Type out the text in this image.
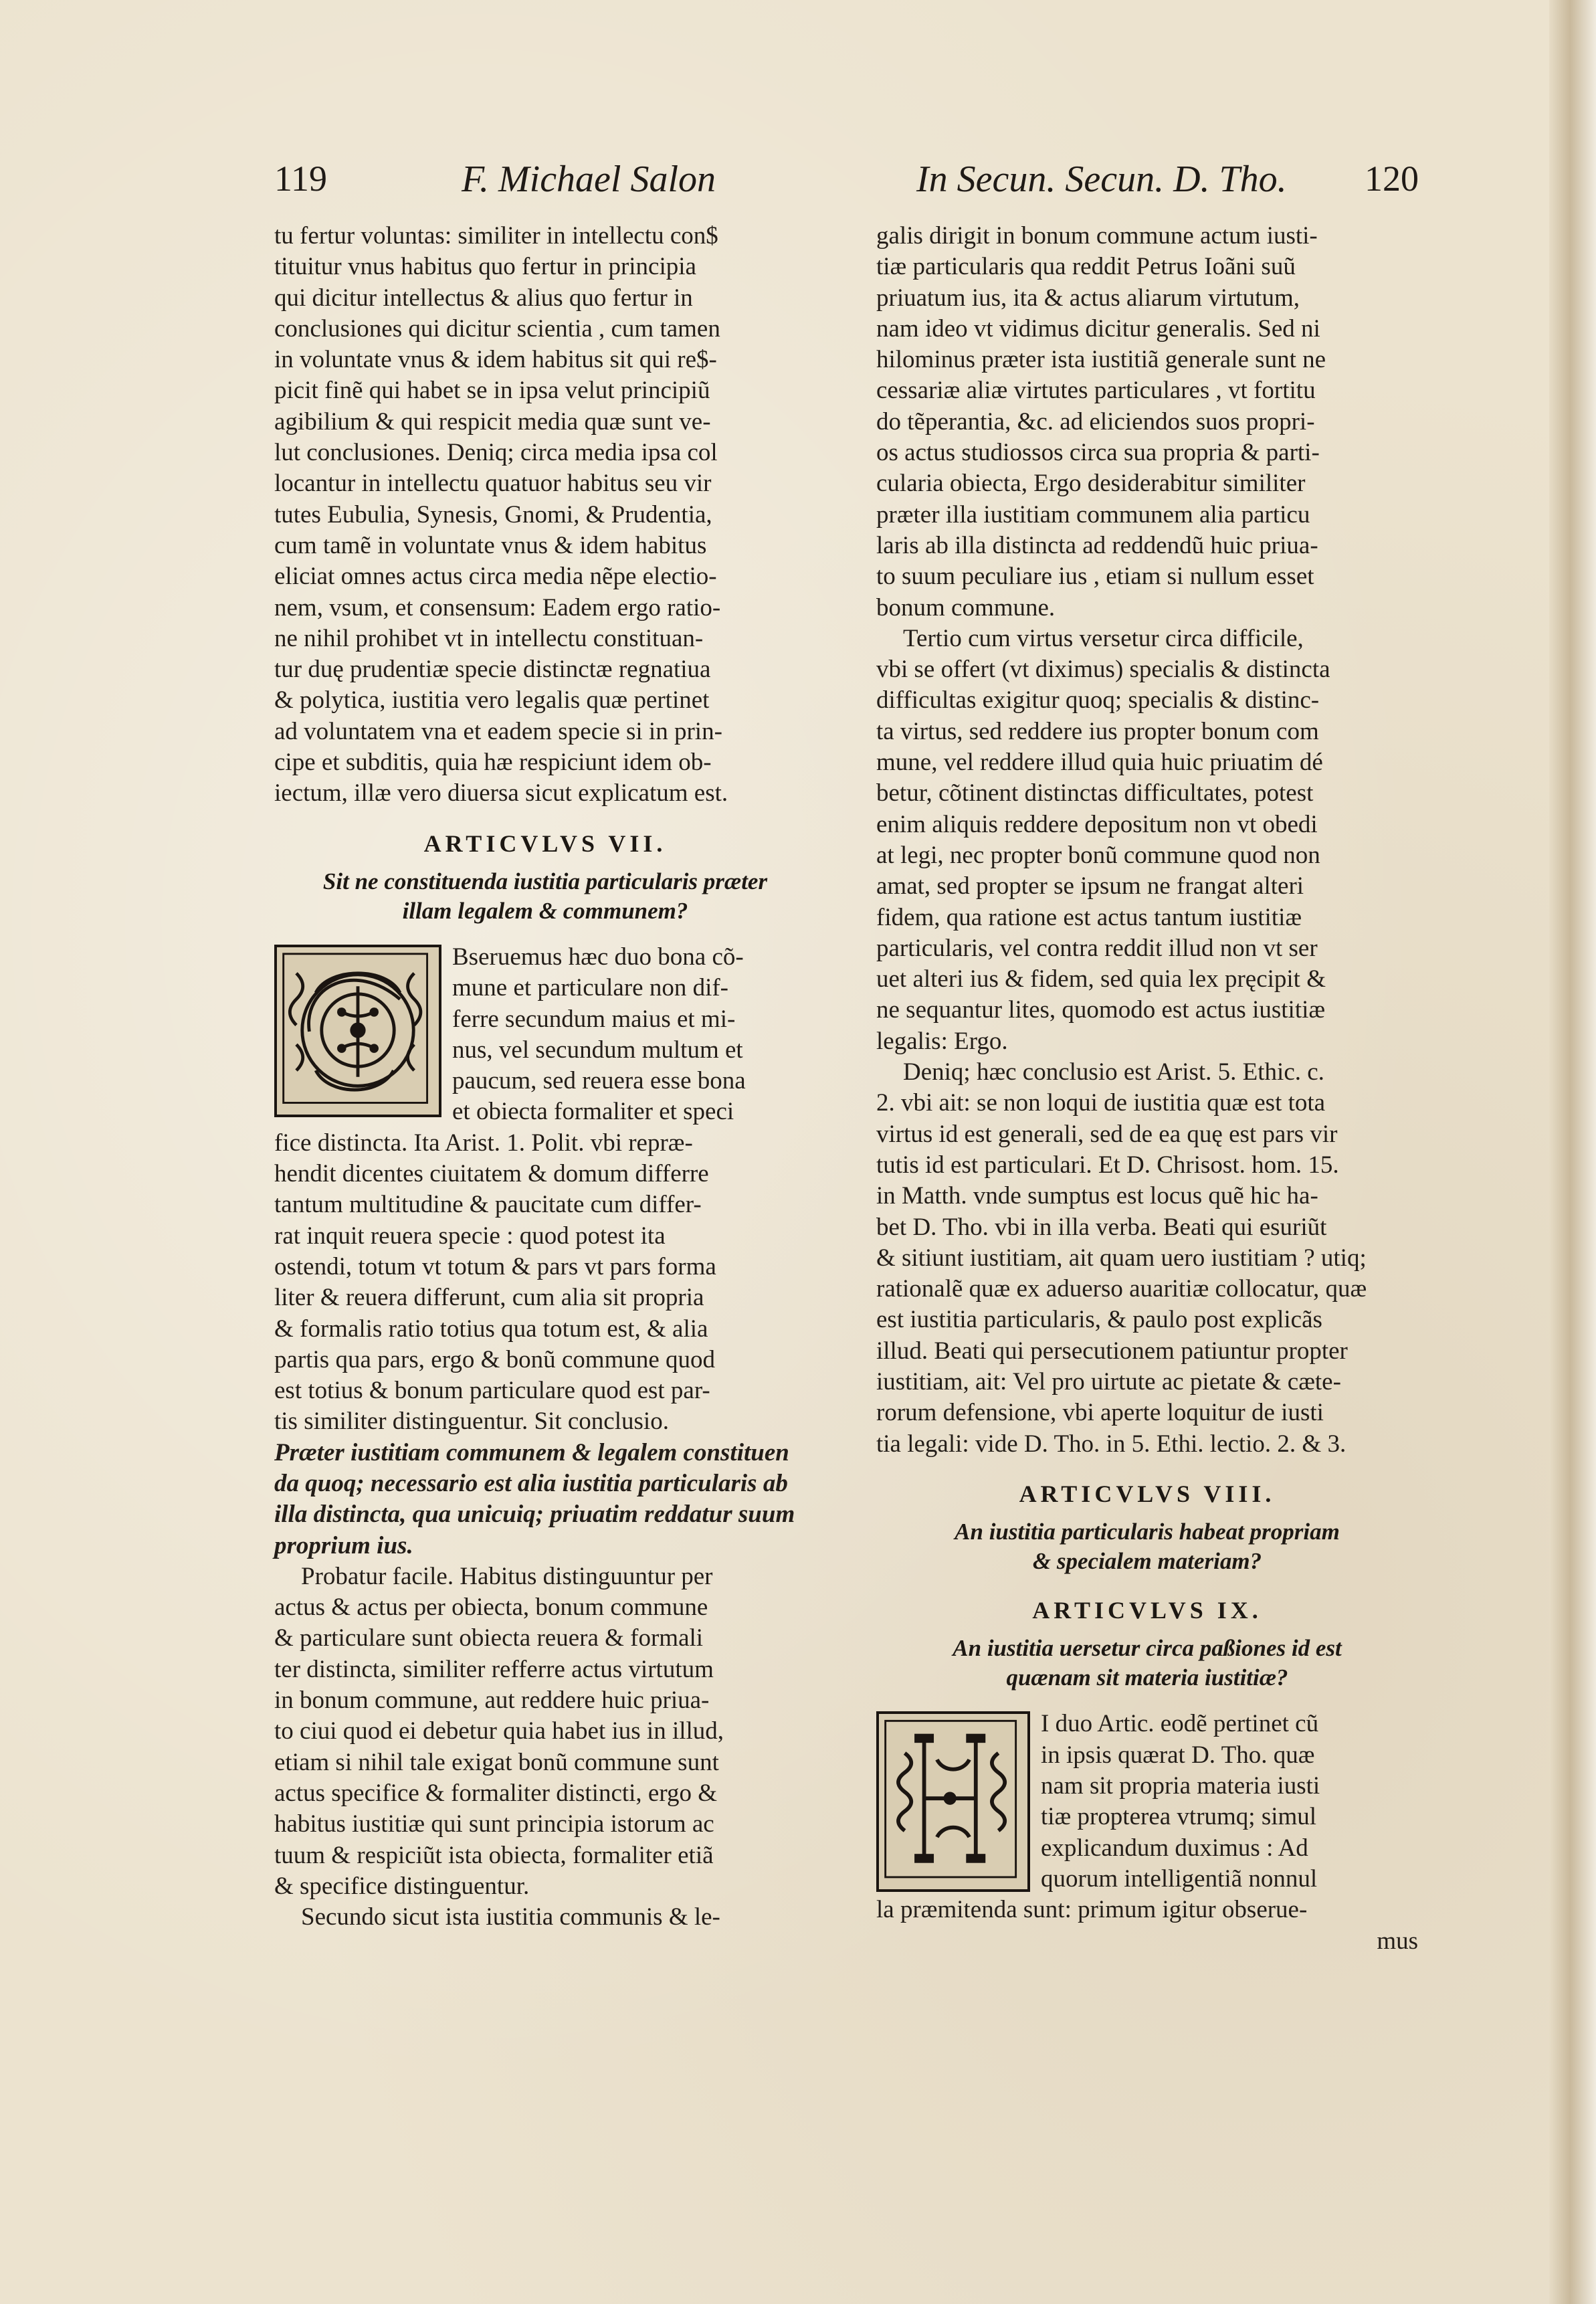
119	F. Michael Salon	In Secun. Secun. D. Tho. 120
tu fertur voluntas: similiter in intellectu con$
tituitur vnus habitus quo fertur in principia
qui dicitur intellectus & alius quo fertur in
conclusiones qui dicitur scientia , cum tamen
in voluntate vnus & idem habitus sit qui re$-
picit finẽ qui habet se in ipsa velut principiũ
agibilium & qui respicit media quæ sunt ve-
lut conclusiones. Deniq; circa media ipsa col
locantur in intellectu quatuor habitus seu vir
tutes Eubulia, Synesis, Gnomi, & Prudentia,
cum tamẽ in voluntate vnus & idem habitus
eliciat omnes actus circa media nẽpe electio-
nem, vsum, et consensum: Eadem ergo ratio-
ne nihil prohibet vt in intellectu constituan-
tur duę prudentiæ specie distinctæ regnatiua
& polytica, iustitia vero legalis quæ pertinet
ad voluntatem vna et eadem specie si in prin-
cipe et subditis, quia hæ respiciunt idem ob-
iectum, illæ vero diuersa sicut explicatum est.
ARTICVLVS VII.
Sit ne constituenda iustitia particularis præter
illam legalem & communem?
Bseruemus hæc duo bona cõ-
mune et particulare non dif-
ferre secundum maius et mi-
nus, vel secundum multum et
paucum, sed reuera esse bona
et obiecta formaliter et speci
fice distincta. Ita Arist. 1. Polit. vbi repræ-
hendit dicentes ciuitatem & domum differre
tantum multitudine & paucitate cum differ-
rat inquit reuera specie : quod potest ita
ostendi, totum vt totum & pars vt pars forma
liter & reuera differunt, cum alia sit propria
& formalis ratio totius qua totum est, & alia
partis qua pars, ergo & bonũ commune quod
est totius & bonum particulare quod est par-
tis similiter distinguentur. Sit conclusio.
Præter iustitiam communem & legalem constituen
da quoq; necessario est alia iustitia particularis ab
illa distincta, qua unicuiq; priuatim reddatur suum
proprium ius.
Probatur facile. Habitus distinguuntur per
actus & actus per obiecta, bonum commune
& particulare sunt obiecta reuera & formali
ter distincta, similiter refferre actus virtutum
in bonum commune, aut reddere huic priua-
to ciui quod ei debetur quia habet ius in illud,
etiam si nihil tale exigat bonũ commune sunt
actus specifice & formaliter distincti, ergo &
habitus iustitiæ qui sunt principia istorum ac
tuum & respiciũt ista obiecta, formaliter etiã
& specifice distinguentur.
Secundo sicut ista iustitia communis & le-
galis dirigit in bonum commune actum iusti-
tiæ particularis qua reddit Petrus Ioãni suũ
priuatum ius, ita & actus aliarum virtutum,
nam ideo vt vidimus dicitur generalis. Sed ni
hilominus præter ista iustitiã generale sunt ne
cessariæ aliæ virtutes particulares , vt fortitu
do tẽperantia, &c. ad eliciendos suos propri-
os actus studiossos circa sua propria & parti-
cularia obiecta, Ergo desiderabitur similiter
præter illa iustitiam communem alia particu
laris ab illa distincta ad reddendũ huic priua-
to suum peculiare ius , etiam si nullum esset
bonum commune.
Tertio cum virtus versetur circa difficile,
vbi se offert (vt diximus) specialis & distincta
difficultas exigitur quoq; specialis & distinc-
ta virtus, sed reddere ius propter bonum com
mune, vel reddere illud quia huic priuatim dé
betur, cõtinent distinctas difficultates, potest
enim aliquis reddere depositum non vt obedi
at legi, nec propter bonũ commune quod non
amat, sed propter se ipsum ne frangat alteri
fidem, qua ratione est actus tantum iustitiæ
particularis, vel contra reddit illud non vt ser
uet alteri ius & fidem, sed quia lex pręcipit &
ne sequantur lites, quomodo est actus iustitiæ
legalis: Ergo.
Deniq; hæc conclusio est Arist. 5. Ethic. c.
2. vbi ait: se non loqui de iustitia quæ est tota
virtus id est generali, sed de ea quę est pars vir
tutis id est particulari. Et D. Chrisost. hom. 15.
in Matth. vnde sumptus est locus quẽ hic ha-
bet D. Tho. vbi in illa verba. Beati qui esuriũt
& sitiunt iustitiam, ait quam uero iustitiam ? utiq;
rationalẽ quæ ex aduerso auaritiæ collocatur, quæ
est iustitia particularis, & paulo post explicãs
illud. Beati qui persecutionem patiuntur propter
iustitiam, ait: Vel pro uirtute ac pietate & cæte-
rorum defensione, vbi aperte loquitur de iusti
tia legali: vide D. Tho. in 5. Ethi. lectio. 2. & 3.
ARTICVLVS VIII.
An iustitia particularis habeat propriam
& specialem materiam?
ARTICVLVS IX.
An iustitia uersetur circa paßiones id est
quænam sit materia iustitiæ?
I duo Artic. eodẽ pertinet cũ
in ipsis quærat D. Tho. quæ
nam sit propria materia iusti
tiæ propterea vtrumq; simul
explicandum duximus : Ad
quorum intelligentiã nonnul
la præmitenda sunt: primum igitur obserue-
mus
